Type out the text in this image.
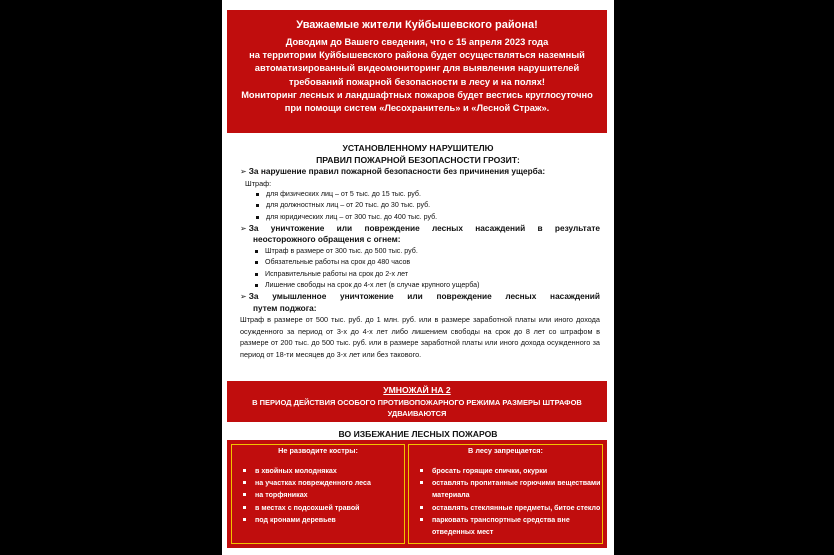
Уважаемые жители Куйбышевского района!
Доводим до Вашего сведения, что с 15 апреля 2023 года
на территории Куйбышевского района будет осуществляться наземный
автоматизированный видеомониторинг для выявления нарушителей
требований пожарной безопасности в лесу и на полях!
Мониторинг лесных и ландшафтных пожаров будет вестись круглосуточно
при помощи систем «Лесохранитель» и «Лесной Страж».
УСТАНОВЛЕННОМУ НАРУШИТЕЛЮ
ПРАВИЛ ПОЖАРНОЙ БЕЗОПАСНОСТИ ГРОЗИТ:
➢ За нарушение правил пожарной безопасности без причинения ущерба:
Штраф:
для физических лиц – от 5 тыс. до 15 тыс. руб.
для должностных лиц – от 20 тыс. до 30 тыс. руб.
для юридических лиц – от 300 тыс. до 400 тыс. руб.
➢ За уничтожение или повреждение лесных насаждений в результате
неосторожного обращения с огнем:
Штраф в размере от 300 тыс. до 500 тыс. руб.
Обязательные работы на срок до 480 часов
Исправительные работы на срок до 2-х лет
Лишение свободы на срок до 4-х лет (в случае крупного ущерба)
➢ За умышленное уничтожение или повреждение лесных насаждений
путем поджога:
Штраф в размере от 500 тыс. руб. до 1 млн. руб. или в размере заработной платы или иного дохода осужденного за период от 3-х до 4-х лет либо лишением свободы на срок до 8 лет со штрафом в размере от 200 тыс. до 500 тыс. руб. или в размере заработной платы или иного дохода осужденного за период от 18-ти месяцев до 3-х лет или без такового.
УМНОЖАЙ НА 2
В ПЕРИОД ДЕЙСТВИЯ ОСОБОГО ПРОТИВОПОЖАРНОГО РЕЖИМА РАЗМЕРЫ ШТРАФОВ
УДВАИВАЮТСЯ
ВО ИЗБЕЖАНИЕ ЛЕСНЫХ ПОЖАРОВ
Не разводите костры:
в хвойных молодняках
на участках поврежденного леса
на торфяниках
в местах с подсохшей травой
под кронами деревьев
В лесу запрещается:
бросать горящие спички, окурки
оставлять пропитанные горючими веществами материала
оставлять стеклянные предметы, битое стекло
парковать транспортные средства вне отведенных мест
